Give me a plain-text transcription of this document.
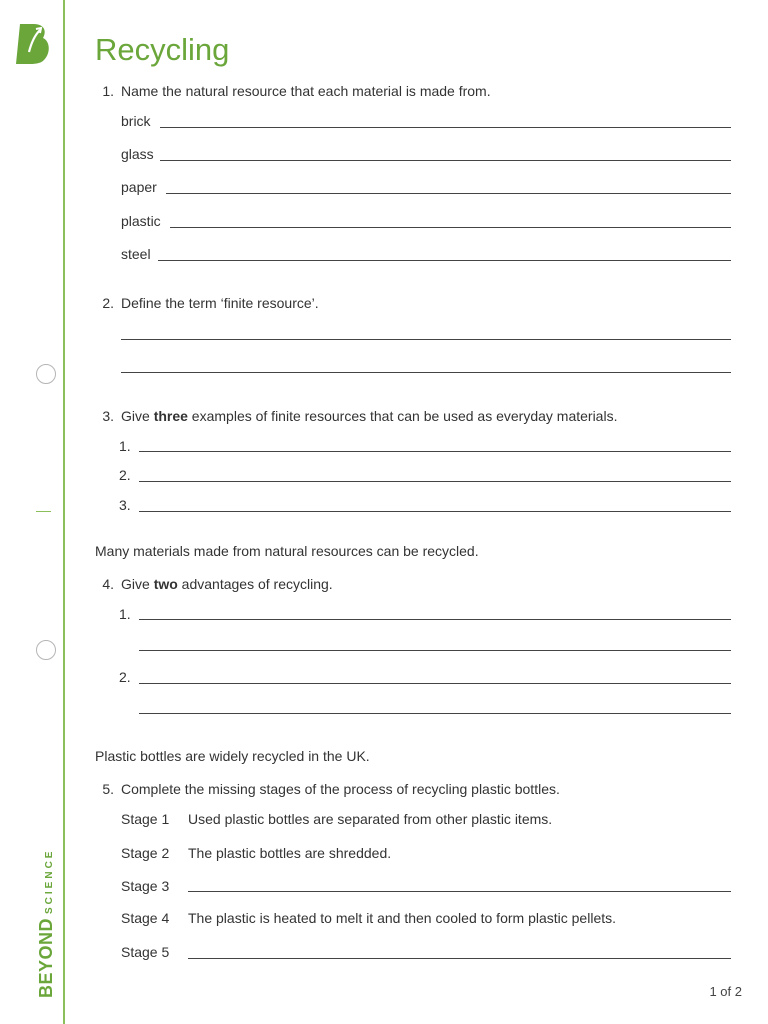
BEYONDSCIENCE
Recycling
1. Name the natural resource that each material is made from.
brick
glass
paper
plastic
steel
2. Define the term ‘finite resource’.
3. Give three examples of finite resources that can be used as everyday materials.
1.
2.
3.
Many materials made from natural resources can be recycled.
4. Give two advantages of recycling.
1.
2.
Plastic bottles are widely recycled in the UK.
5. Complete the missing stages of the process of recycling plastic bottles.
Stage 1 Used plastic bottles are separated from other plastic items.
Stage 2 The plastic bottles are shredded.
Stage 3
Stage 4 The plastic is heated to melt it and then cooled to form plastic pellets.
Stage 5
1 of 2
